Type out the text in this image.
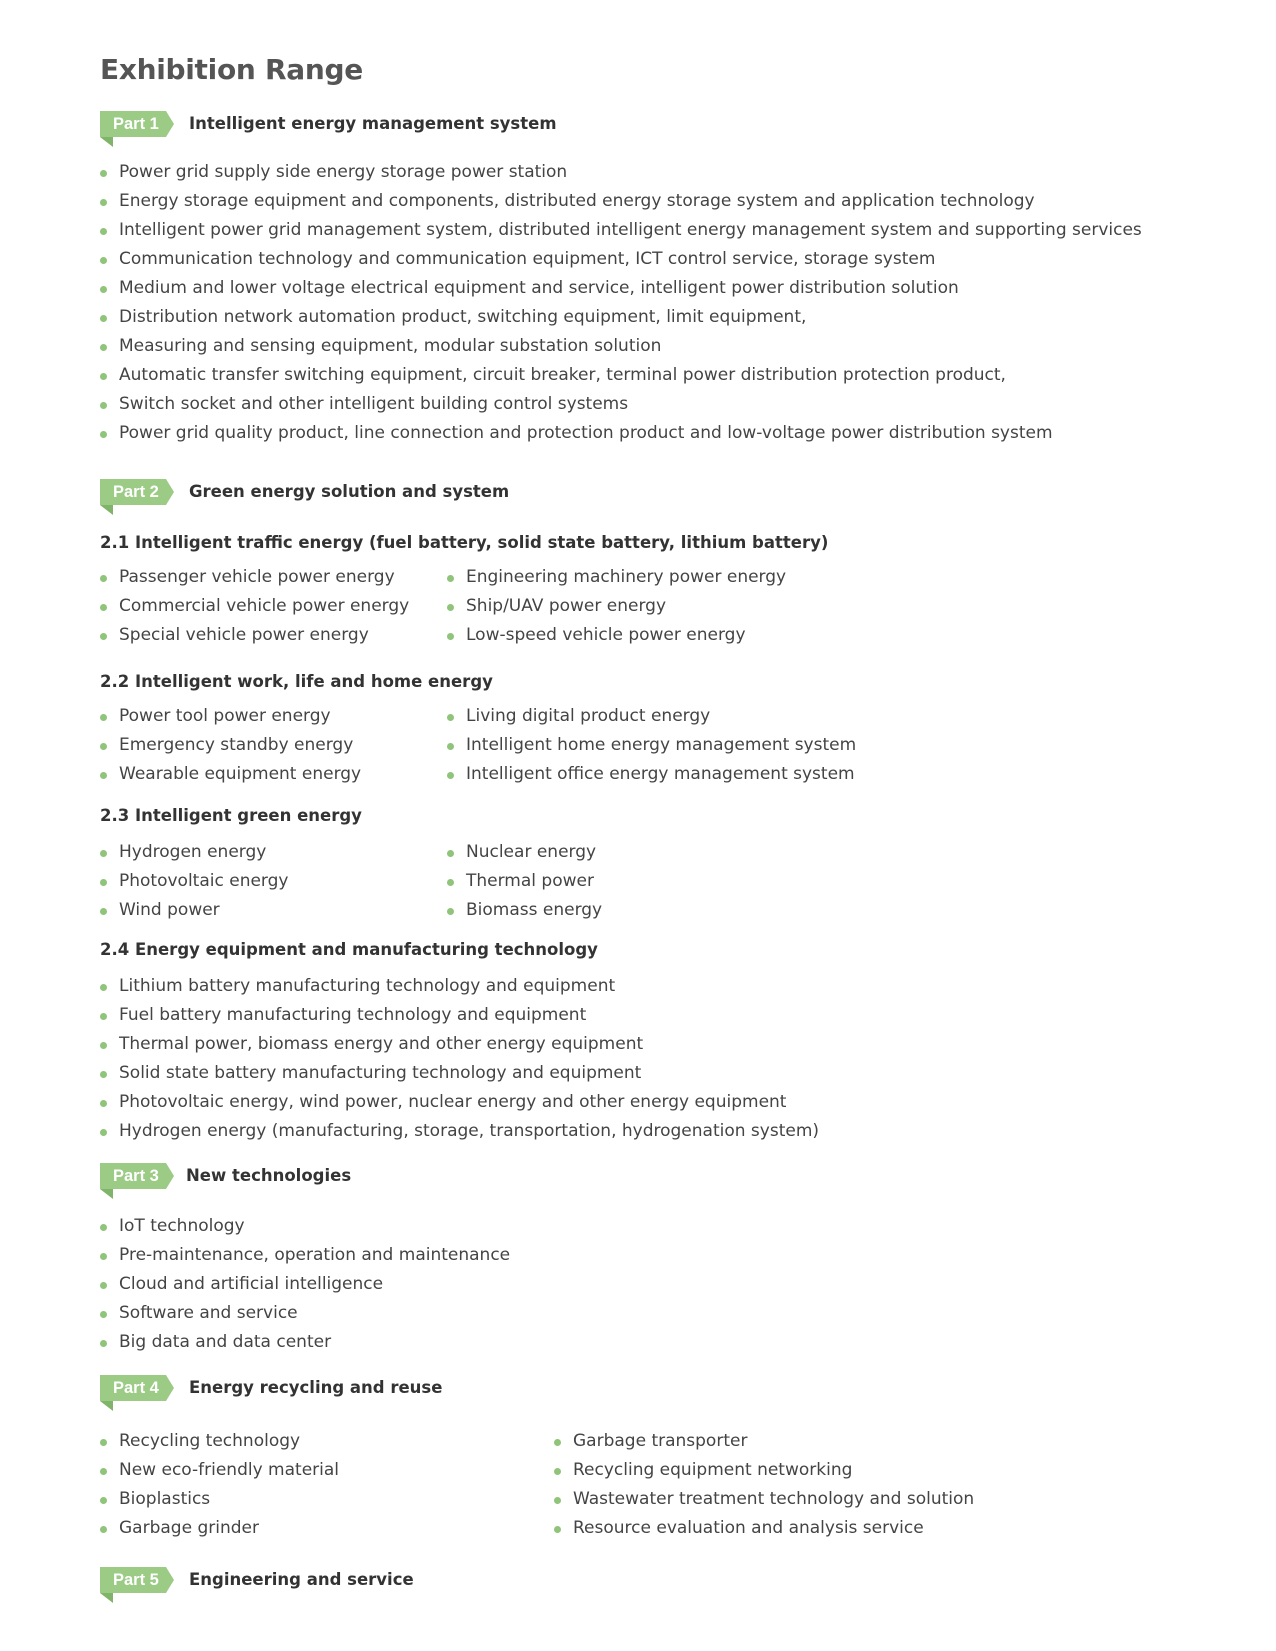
Exhibition Range
Part 1 Intelligent energy management system
Power grid supply side energy storage power station
Energy storage equipment and components, distributed energy storage system and application technology
Intelligent power grid management system, distributed intelligent energy management system and supporting services
Communication technology and communication equipment, ICT control service, storage system
Medium and lower voltage electrical equipment and service, intelligent power distribution solution
Distribution network automation product, switching equipment, limit equipment,
Measuring and sensing equipment, modular substation solution
Automatic transfer switching equipment, circuit breaker, terminal power distribution protection product,
Switch socket and other intelligent building control systems
Power grid quality product, line connection and protection product and low-voltage power distribution system
Part 2 Green energy solution and system
2.1 Intelligent traffic energy (fuel battery, solid state battery, lithium battery)
Passenger vehicle power energy
Commercial vehicle power energy
Special vehicle power energy
Engineering machinery power energy
Ship/UAV power energy
Low-speed vehicle power energy
2.2 Intelligent work, life and home energy
Power tool power energy
Emergency standby energy
Wearable equipment energy
Living digital product energy
Intelligent home energy management system
Intelligent office energy management system
2.3 Intelligent green energy
Hydrogen energy
Photovoltaic energy
Wind power
Nuclear energy
Thermal power
Biomass energy
2.4 Energy equipment and manufacturing technology
Lithium battery manufacturing technology and equipment
Fuel battery manufacturing technology and equipment
Thermal power, biomass energy and other energy equipment
Solid state battery manufacturing technology and equipment
Photovoltaic energy, wind power, nuclear energy and other energy equipment
Hydrogen energy (manufacturing, storage, transportation, hydrogenation system)
Part 3 New technologies
IoT technology
Pre-maintenance, operation and maintenance
Cloud and artificial intelligence
Software and service
Big data and data center
Part 4 Energy recycling and reuse
Recycling technology
New eco-friendly material
Bioplastics
Garbage grinder
Garbage transporter
Recycling equipment networking
Wastewater treatment technology and solution
Resource evaluation and analysis service
Part 5 Engineering and service
